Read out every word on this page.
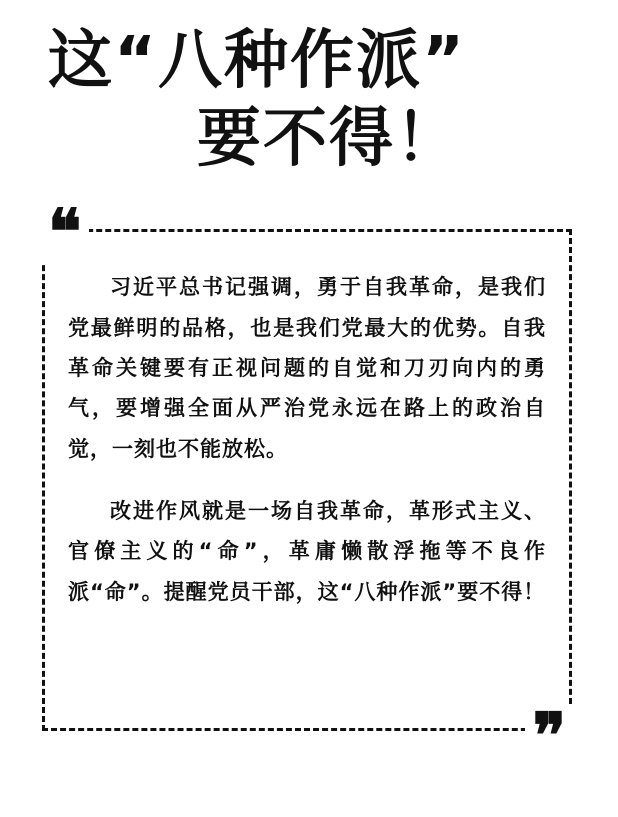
这“八种作派”
要不得！
❝

习近平总书记强调，勇于自我革命，是我们党最鲜明的品格，也是我们党最大的优势。自我革命关键要有正视问题的自觉和刀刃向内的勇气，要增强全面从严治党永远在路上的政治自觉，一刻也不能放松。

改进作风就是一场自我革命，革形式主义、官僚主义的“命”，革庸懒散浮拖等不良作派“命”。提醒党员干部，这“八种作派”要不得！

❞
